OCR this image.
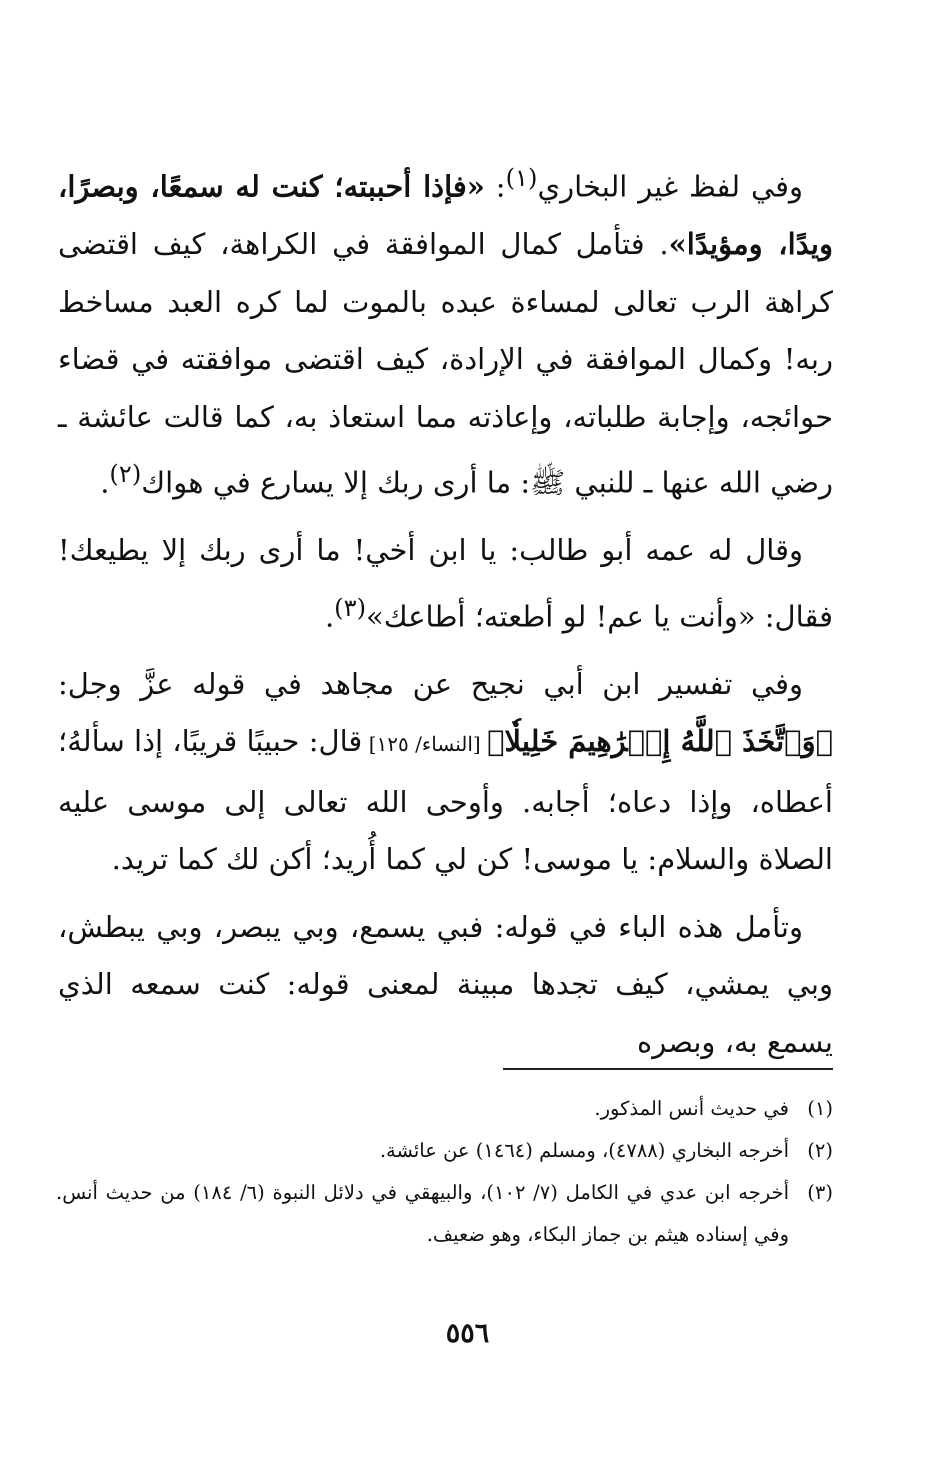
وفي لفظ غير البخاري$^{(١)}$: «فإذا أحببته؛ كنت له سمعًا، وبصرًا، ويدًا، ومؤيدًا». فتأمل كمال الموافقة في الكراهة، كيف اقتضى كراهة الرب تعالى لمساءة عبده بالموت لما كره العبد مساخط ربه! وكمال الموافقة في الإرادة، كيف اقتضى موافقته في قضاء حوائجه، وإجابة طلباته، وإعاذته مما استعاذ به، كما قالت عائشة ـ رضي الله عنها ـ للنبي ﷺ: ما أرى ربك إلا يسارع في هواك$^{(٢)}$.

وقال له عمه أبو طالب: يا ابن أخي! ما أرى ربك إلا يطيعك! فقال: «وأنت يا عم! لو أطعته؛ أطاعك»$^{(٣)}$.

وفي تفسير ابن أبي نجيح عن مجاهد في قوله عزَّ وجل: ﴿وَٱتَّخَذَ ٱللَّهُ إِبۡرَٰهِيمَ خَلِيلٗا﴾ [النساء/ ١٢٥] قال: حبيبًا قريبًا، إذا سألهُ؛ أعطاه، وإذا دعاه؛ أجابه. وأوحى الله تعالى إلى موسى عليه الصلاة والسلام: يا موسى! كن لي كما أُريد؛ أكن لك كما تريد.

وتأمل هذه الباء في قوله: فبي يسمع، وبي يبصر، وبي يبطش، وبي يمشي، كيف تجدها مبينة لمعنى قوله: كنت سمعه الذي يسمع به، وبصره

(١)
في حديث أنس المذكور.
(٢)
أخرجه البخاري (٤٧٨٨)، ومسلم (١٤٦٤) عن عائشة.
(٣)
أخرجه ابن عدي في الكامل (٧/ ١٠٢)، والبيهقي في دلائل النبوة (٦/ ١٨٤) من حديث أنس. وفي إسناده هيثم بن جماز البكاء، وهو ضعيف.
٥٥٦
